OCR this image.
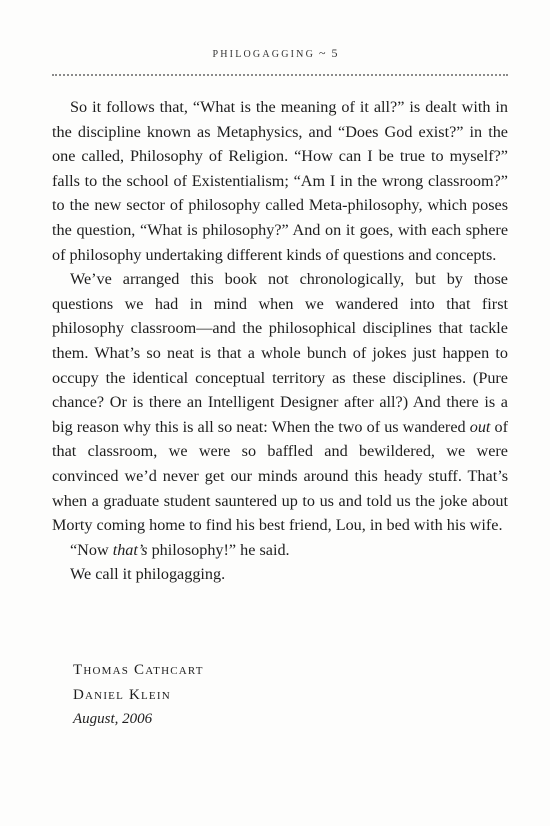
PHILOGAGGING ~ 5

So it follows that, “What is the meaning of it all?” is dealt with in the discipline known as Metaphysics, and “Does God exist?” in the one called, Philosophy of Religion. “How can I be true to myself?” falls to the school of Existentialism; “Am I in the wrong classroom?” to the new sector of philosophy called Meta-philosophy, which poses the question, “What is philosophy?” And on it goes, with each sphere of philosophy undertaking different kinds of questions and concepts.

We’ve arranged this book not chronologically, but by those questions we had in mind when we wandered into that first philosophy classroom—and the philosophical disciplines that tackle them. What’s so neat is that a whole bunch of jokes just happen to occupy the identical conceptual territory as these disciplines. (Pure chance? Or is there an Intelligent Designer after all?) And there is a big reason why this is all so neat: When the two of us wandered out of that classroom, we were so baffled and bewildered, we were convinced we’d never get our minds around this heady stuff. That’s when a graduate student sauntered up to us and told us the joke about Morty coming home to find his best friend, Lou, in bed with his wife.

“Now that’s philosophy!” he said.

We call it philogagging.

Thomas Cathcart
Daniel Klein
August, 2006
